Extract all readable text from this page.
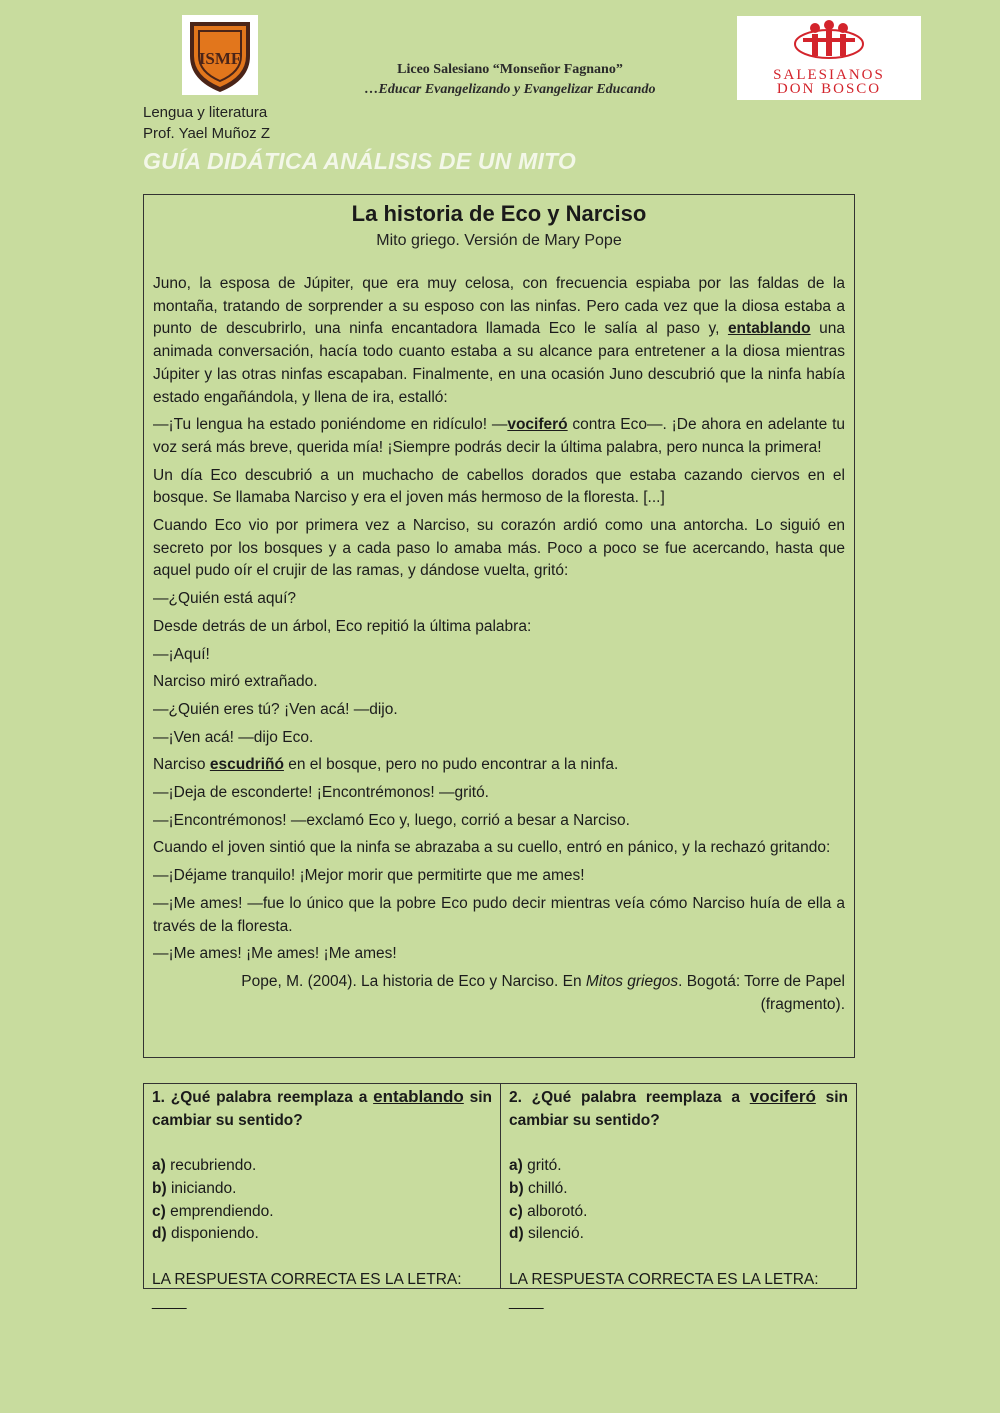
ISMF
Liceo Salesiano “Monseñor Fagnano”
…Educar Evangelizando y Evangelizar Educando
SALESIANOS
DON BOSCO
Lengua y literatura
Prof. Yael Muñoz Z
GUÍA DIDÁTICA ANÁLISIS DE UN MITO
La historia de Eco y Narciso
Mito griego. Versión de Mary Pope

Juno, la esposa de Júpiter, que era muy celosa, con frecuencia espiaba por las faldas de la montaña, tratando de sorprender a su esposo con las ninfas. Pero cada vez que la diosa estaba a punto de descubrirlo, una ninfa encantadora llamada Eco le salía al paso y, entablando una animada conversación, hacía todo cuanto estaba a su alcance para entretener a la diosa mientras Júpiter y las otras ninfas escapaban. Finalmente, en una ocasión Juno descubrió que la ninfa había estado engañándola, y llena de ira, estalló:

—¡Tu lengua ha estado poniéndome en ridículo! —vociferó contra Eco—. ¡De ahora en adelante tu voz será más breve, querida mía! ¡Siempre podrás decir la última palabra, pero nunca la primera!

Un día Eco descubrió a un muchacho de cabellos dorados que estaba cazando ciervos en el bosque. Se llamaba Narciso y era el joven más hermoso de la floresta. [...]

Cuando Eco vio por primera vez a Narciso, su corazón ardió como una antorcha. Lo siguió en secreto por los bosques y a cada paso lo amaba más. Poco a poco se fue acercando, hasta que aquel pudo oír el crujir de las ramas, y dándose vuelta, gritó:

—¿Quién está aquí?

Desde detrás de un árbol, Eco repitió la última palabra:

—¡Aquí!

Narciso miró extrañado.

—¿Quién eres tú? ¡Ven acá! —dijo.

—¡Ven acá! —dijo Eco.

Narciso escudriñó en el bosque, pero no pudo encontrar a la ninfa.

—¡Deja de esconderte! ¡Encontrémonos! —gritó.

—¡Encontrémonos! —exclamó Eco y, luego, corrió a besar a Narciso.

Cuando el joven sintió que la ninfa se abrazaba a su cuello, entró en pánico, y la rechazó gritando:

—¡Déjame tranquilo! ¡Mejor morir que permitirte que me ames!

—¡Me ames! —fue lo único que la pobre Eco pudo decir mientras veía cómo Narciso huía de ella a través de la floresta.

—¡Me ames! ¡Me ames! ¡Me ames!

Pope, M. (2004). La historia de Eco y Narciso. En Mitos griegos. Bogotá: Torre de Papel (fragmento).

1. ¿Qué palabra reemplaza a entablando sin cambiar su sentido?
a) recubriendo.
b) iniciando.
c) emprendiendo.
d) disponiendo.
LA RESPUESTA CORRECTA ES LA LETRA: ____
2. ¿Qué palabra reemplaza a vociferó sin cambiar su sentido?
a) gritó.
b) chilló.
c) alborotó.
d) silenció.
LA RESPUESTA CORRECTA ES LA LETRA: ____
